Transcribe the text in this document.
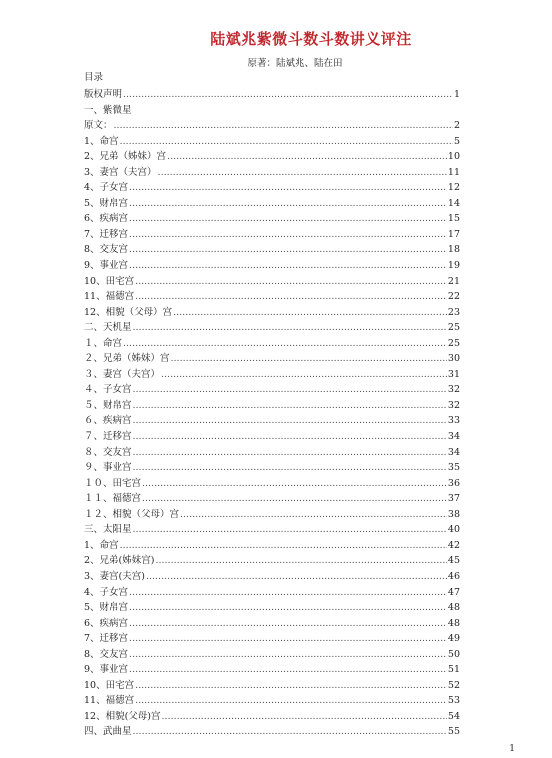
陆斌兆紫微斗数斗数讲义评注
原著：陆斌兆、陆在田
目录
版权声明 .....	1
一、紫微星
原文： .....	2
1、命宫 .....	5
2、兄弟（姊妹）宫 .....	10
3、妻宫（夫宫） .....	11
4、子女宫 .....	12
5、财帛宫 .....	14
6、疾病宫 .....	15
7、迁移宫 .....	17
8、交友宫 .....	18
9、事业宫 .....	19
10、田宅宫 .....	21
11、福德宫 .....	22
12、相貌（父母）宫 .....	23
二、天机星 .....	25
１、命宫 .....	25
２、兄弟（姊妹）宫 .....	30
３、妻宫（夫宫） .....	31
４、子女宫 .....	32
５、财帛宫 .....	32
６、疾病宫 .....	33
７、迁移宫 .....	34
８、交友宫 .....	34
９、事业宫 .....	35
１０、田宅宫 .....	36
１１、福德宫 .....	37
１２、相貌（父母）宫 .....	38
三、太阳星 .....	40
1、命宫 .....	42
2、兄弟(姊妹宫) .....	45
3、妻宫(夫宫) .....	46
4、子女宫 .....	47
5、财帛宫 .....	48
6、疾病宫 .....	48
7、迁移宫 .....	49
8、交友宫 .....	50
9、事业宫 .....	51
10、田宅宫 .....	52
11、福德宫 .....	53
12、相貌(父母)宫 .....	54
四、武曲星 .....	55
1
